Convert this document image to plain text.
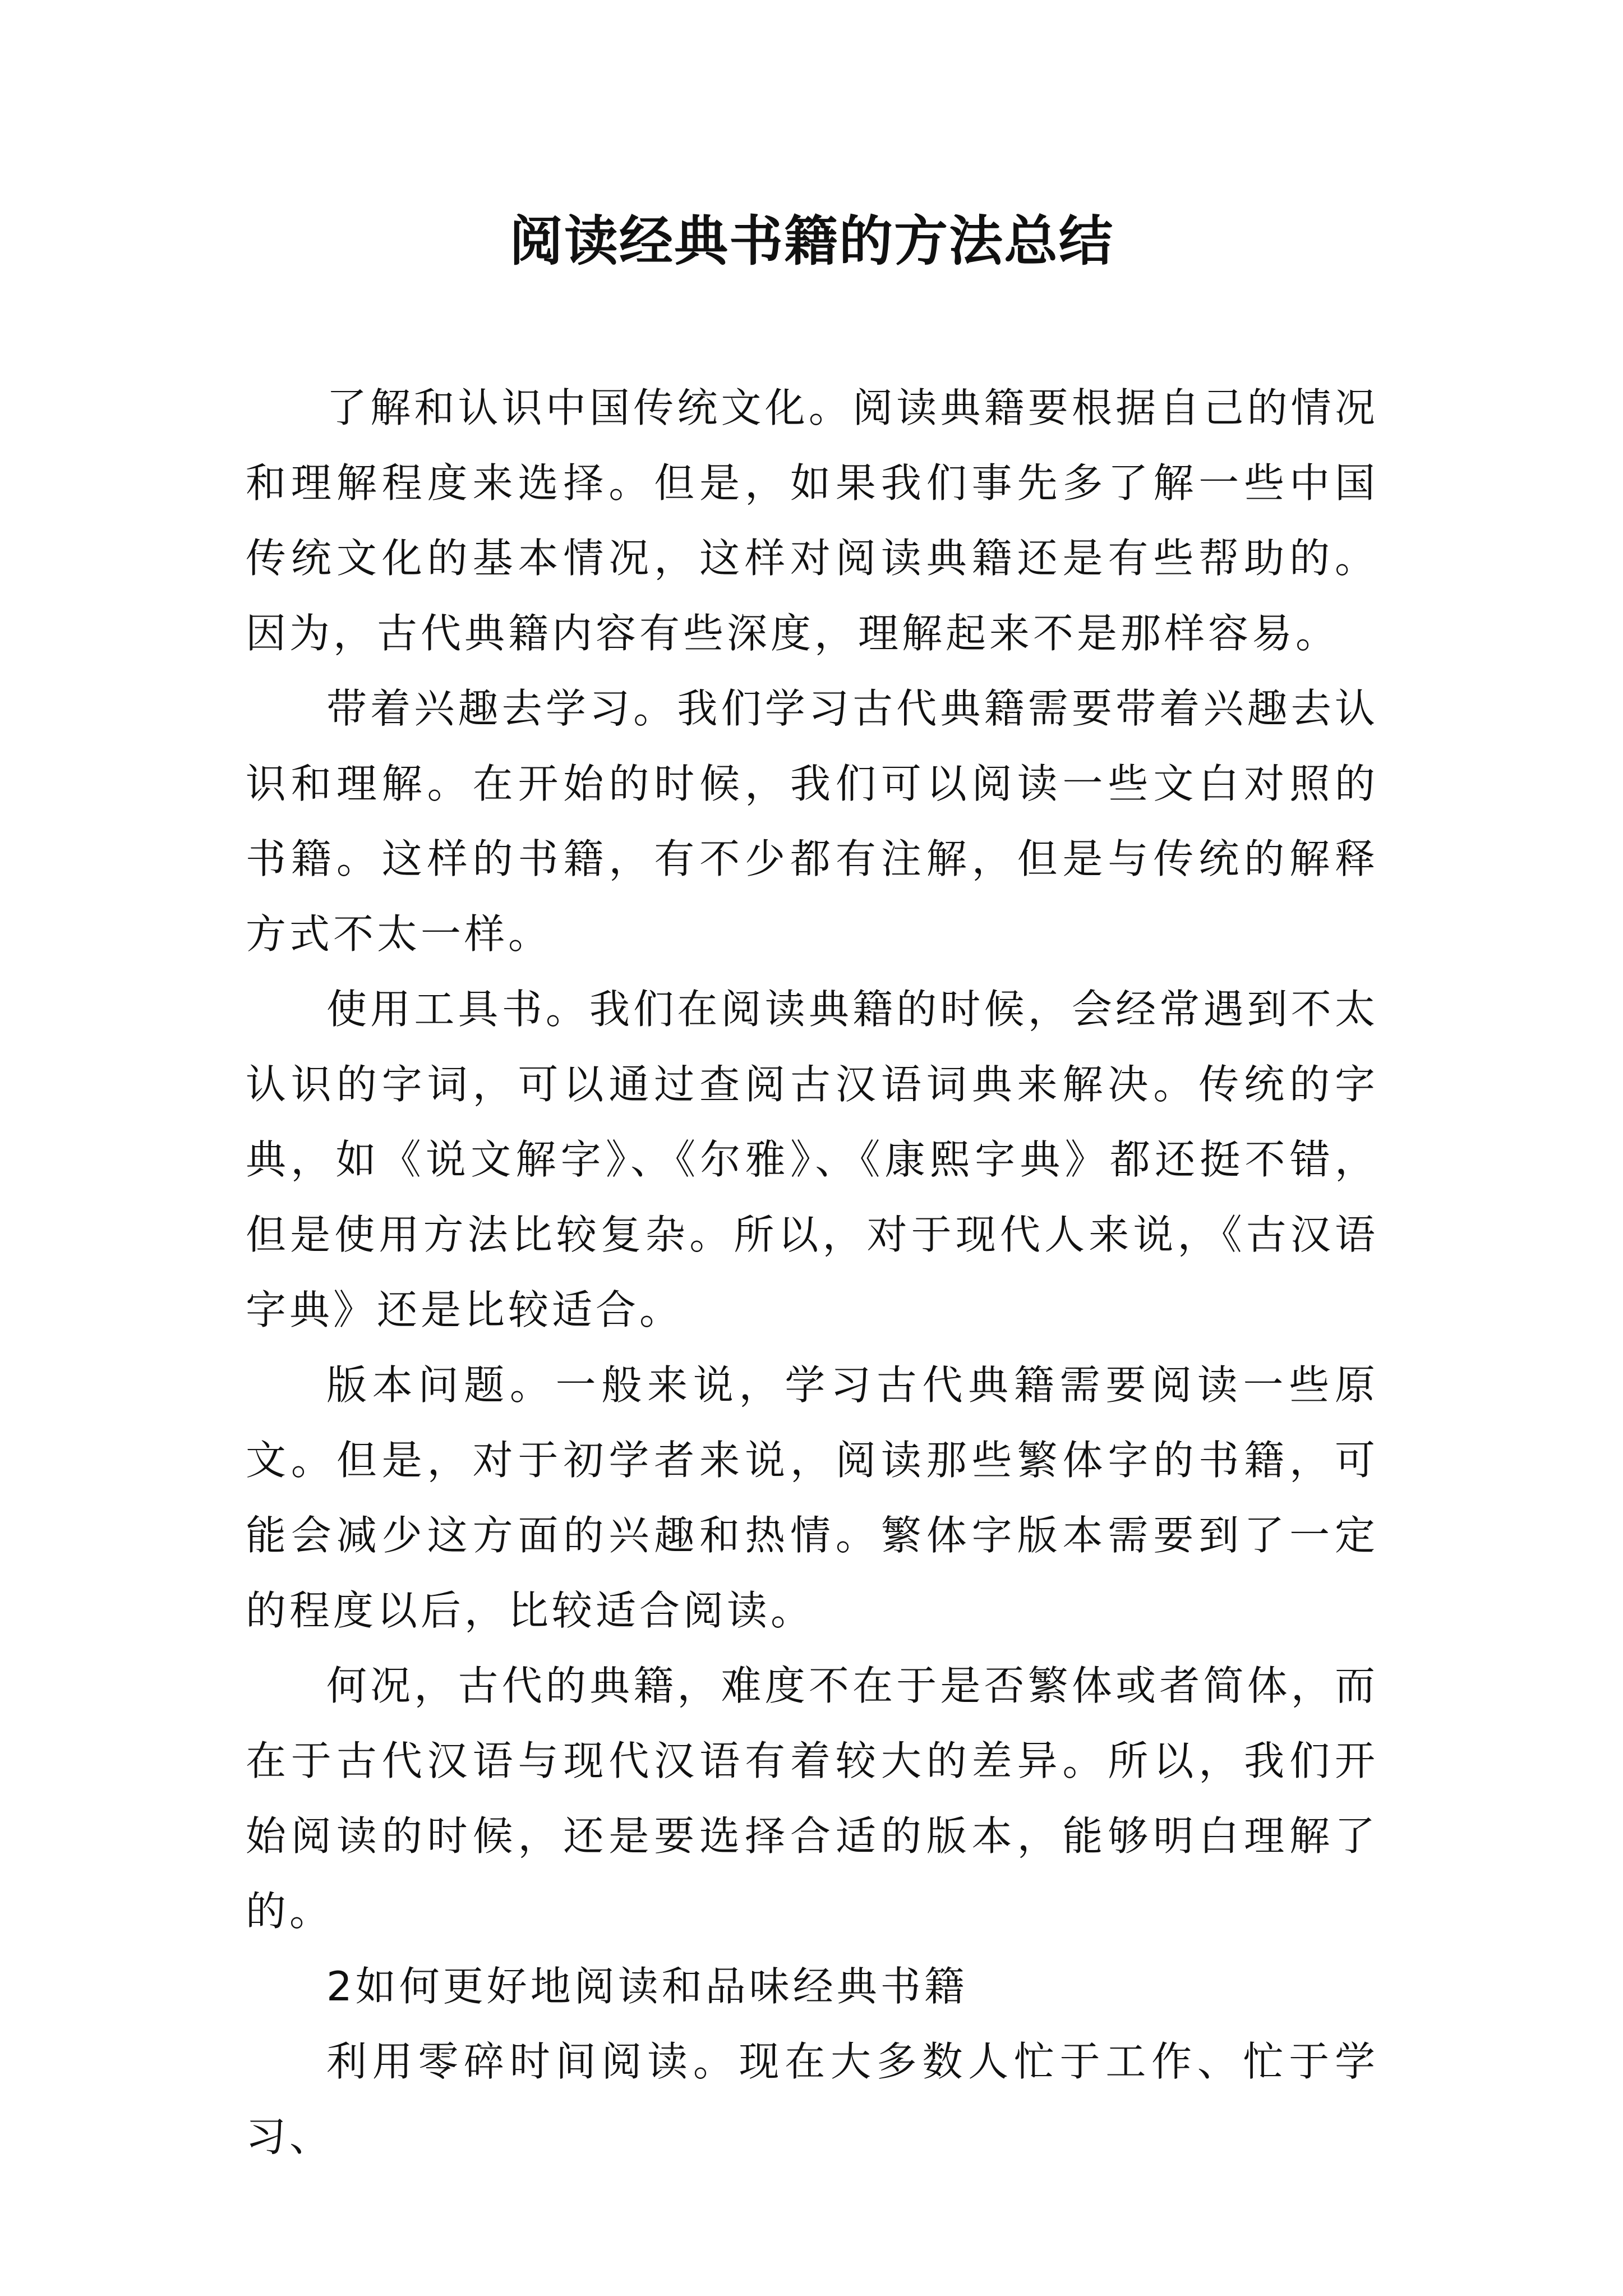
阅读经典书籍的方法总结

了解和认识中国传统文化。阅读典籍要根据自己的情况和理解程度来选择。但是，如果我们事先多了解一些中国传统文化的基本情况，这样对阅读典籍还是有些帮助的。因为，古代典籍内容有些深度，理解起来不是那样容易。

带着兴趣去学习。我们学习古代典籍需要带着兴趣去认识和理解。在开始的时候，我们可以阅读一些文白对照的书籍。这样的书籍，有不少都有注解，但是与传统的解释方式不太一样。

使用工具书。我们在阅读典籍的时候，会经常遇到不太认识的字词，可以通过查阅古汉语词典来解决。传统的字典，如《说文解字》、《尔雅》、《康熙字典》都还挺不错，但是使用方法比较复杂。所以，对于现代人来说，《古汉语字典》还是比较适合。

版本问题。一般来说，学习古代典籍需要阅读一些原文。但是，对于初学者来说，阅读那些繁体字的书籍，可能会减少这方面的兴趣和热情。繁体字版本需要到了一定的程度以后，比较适合阅读。

何况，古代的典籍，难度不在于是否繁体或者简体，而在于古代汉语与现代汉语有着较大的差异。所以，我们开始阅读的时候，还是要选择合适的版本，能够明白理解了的。

2如何更好地阅读和品味经典书籍

利用零碎时间阅读。现在大多数人忙于工作、忙于学习、
